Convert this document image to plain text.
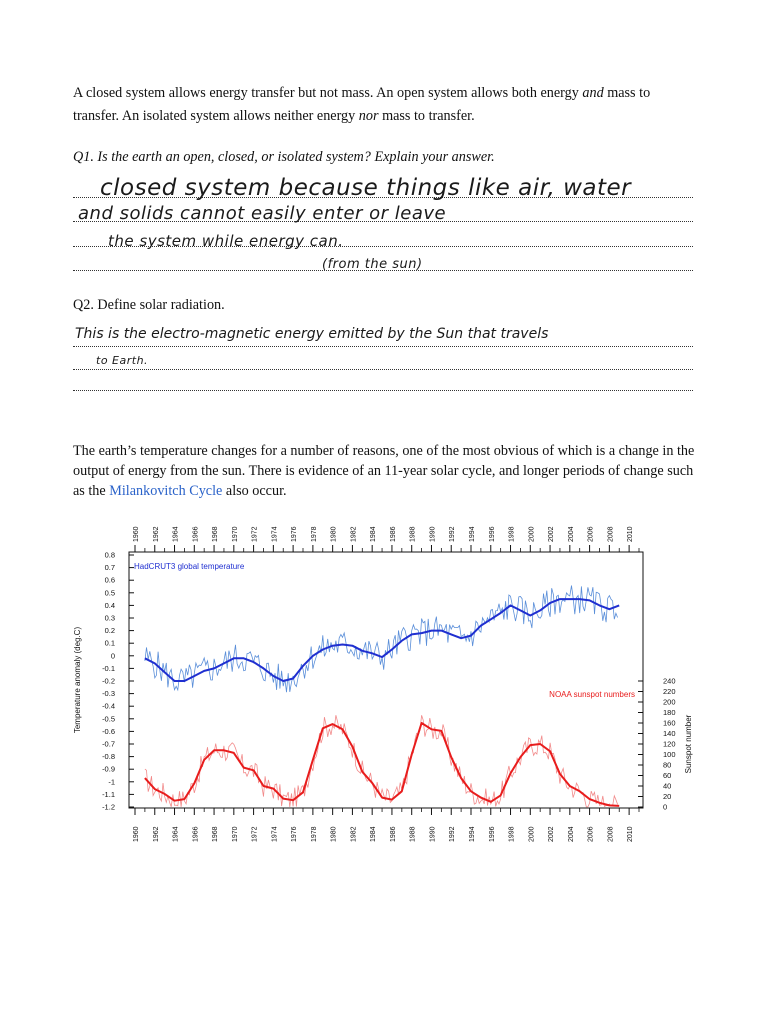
A closed system allows energy transfer but not mass. An open system allows both energy and mass to transfer. An isolated system allows neither energy nor mass to transfer.

Q1. Is the earth an open, closed, or isolated system? Explain your answer.

closed system because things like air, water
and solids cannot easily enter or leave
the system while energy can.
(from the sun)

Q2. Define solar radiation.

This is the electro-magnetic energy emitted by the Sun that travels
to Earth.

The earth’s temperature changes for a number of reasons, one of the most obvious of which is a change in the output of energy from the sun. There is evidence of an 11-year solar cycle, and longer periods of change such as the Milankovitch Cycle also occur.

1960
1960
1962
1962
1964
1964
1966
1966
1968
1968
1970
1970
1972
1972
1974
1974
1976
1976
1978
1978
1980
1980
1982
1982
1984
1984
1986
1986
1988
1988
1990
1990
1992
1992
1994
1994
1996
1996
1998
1998
2000
2000
2002
2002
2004
2004
2006
2006
2008
2008
2010
2010
0.8
0.7
0.6
0.5
0.4
0.3
0.2
0.1
0
-0.1
-0.2
-0.3
-0.4
-0.5
-0.6
-0.7
-0.8
-0.9
-1
-1.1
-1.2
Temperature anomaly (deg.C)	240
220
200
180
160
140
120
100
80
60
40
20
0
Sunspot number
HadCRUT3 global temperature
NOAA sunspot numbers
